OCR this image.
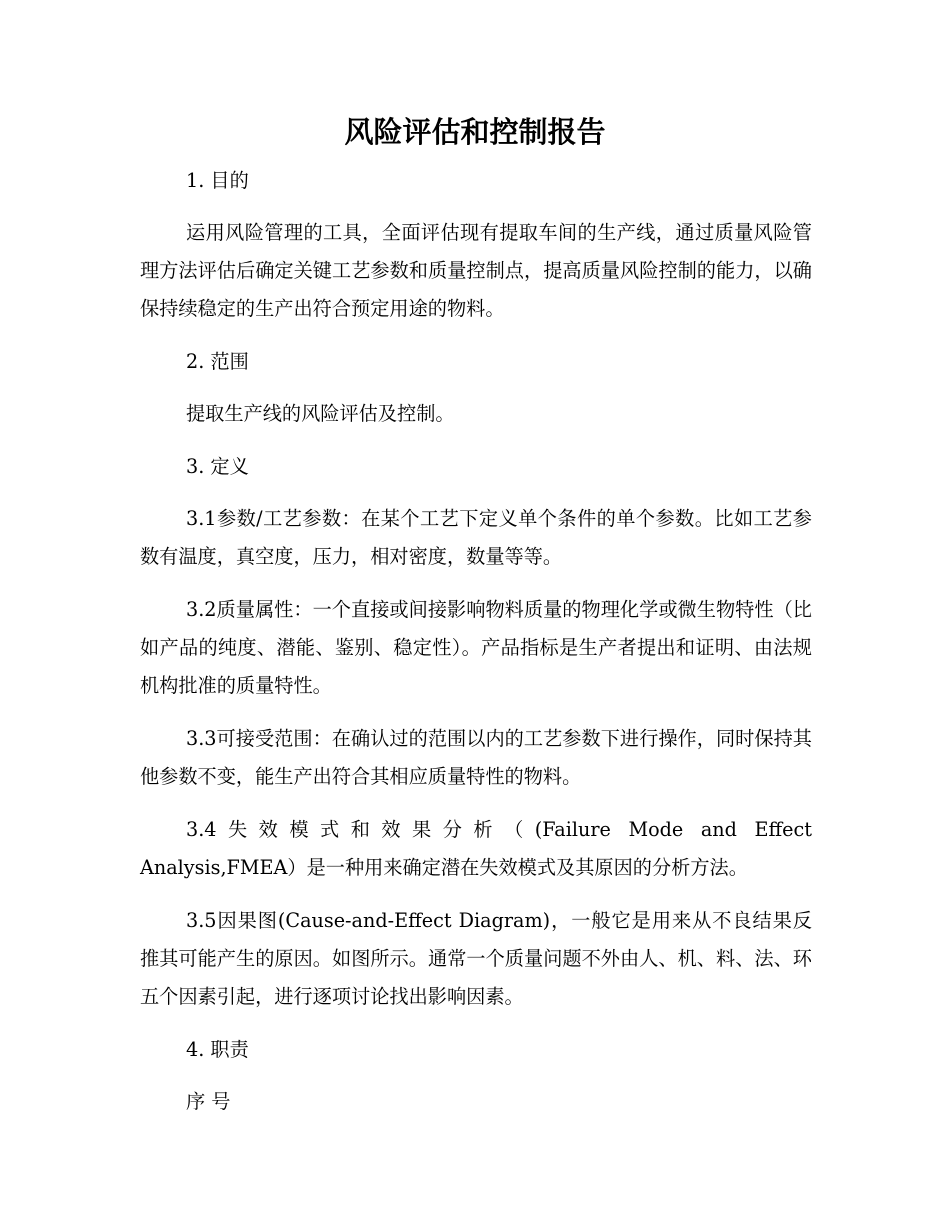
风险评估和控制报告
1. 目的
运用风险管理的工具，全面评估现有提取车间的生产线，通过质量风险管理方法评估后确定关键工艺参数和质量控制点，提高质量风险控制的能力，以确保持续稳定的生产出符合预定用途的物料。
2. 范围
提取生产线的风险评估及控制。
3. 定义
3.1参数/工艺参数：在某个工艺下定义单个条件的单个参数。比如工艺参数有温度，真空度，压力，相对密度，数量等等。
3.2质量属性：一个直接或间接影响物料质量的物理化学或微生物特性（比如产品的纯度、潜能、鉴别、稳定性）。产品指标是生产者提出和证明、由法规机构批准的质量特性。
3.3可接受范围：在确认过的范围以内的工艺参数下进行操作，同时保持其他参数不变，能生产出符合其相应质量特性的物料。
3.4失效模式和效果分析（(Failure Mode and Effect Analysis,FMEA）是一种用来确定潜在失效模式及其原因的分析方法。
3.5因果图(Cause-and-Effect Diagram)，一般它是用来从不良结果反推其可能产生的原因。如图所示。通常一个质量问题不外由人、机、料、法、环五个因素引起，进行逐项讨论找出影响因素。
4. 职责
序 号
